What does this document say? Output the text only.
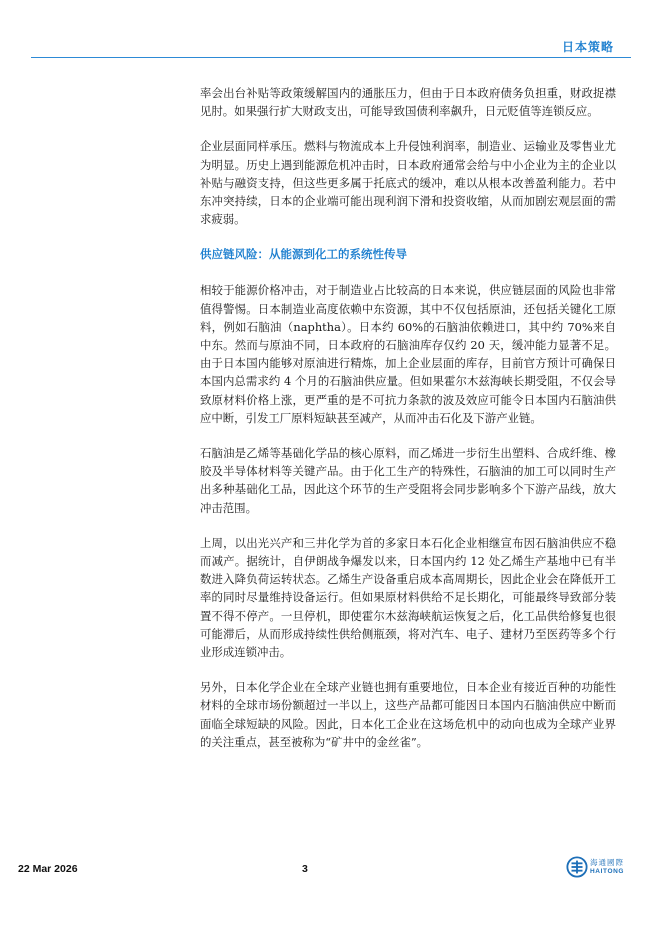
日本策略

率会出台补贴等政策缓解国内的通胀压力，但由于日本政府债务负担重，财政捉襟见肘。如果强行扩大财政支出，可能导致国债利率飙升，日元贬值等连锁反应。

企业层面同样承压。燃料与物流成本上升侵蚀利润率，制造业、运输业及零售业尤为明显。历史上遇到能源危机冲击时，日本政府通常会给与中小企业为主的企业以补贴与融资支持，但这些更多属于托底式的缓冲，难以从根本改善盈利能力。若中东冲突持续，日本的企业端可能出现利润下滑和投资收缩，从而加剧宏观层面的需求疲弱。

供应链风险：从能源到化工的系统性传导

相较于能源价格冲击，对于制造业占比较高的日本来说，供应链层面的风险也非常值得警惕。日本制造业高度依赖中东资源，其中不仅包括原油，还包括关键化工原料，例如石脑油（naphtha）。日本约 60%的石脑油依赖进口，其中约 70%来自中东。然而与原油不同，日本政府的石脑油库存仅约 20 天，缓冲能力显著不足。由于日本国内能够对原油进行精炼，加上企业层面的库存，目前官方预计可确保日本国内总需求约 4 个月的石脑油供应量。但如果霍尔木兹海峡长期受阻，不仅会导致原材料价格上涨，更严重的是不可抗力条款的波及效应可能令日本国内石脑油供应中断，引发工厂原料短缺甚至减产，从而冲击石化及下游产业链。

石脑油是乙烯等基础化学品的核心原料，而乙烯进一步衍生出塑料、合成纤维、橡胶及半导体材料等关键产品。由于化工生产的特殊性，石脑油的加工可以同时生产出多种基础化工品，因此这个环节的生产受阻将会同步影响多个下游产品线，放大冲击范围。

上周，以出光兴产和三井化学为首的多家日本石化企业相继宣布因石脑油供应不稳而减产。据统计，自伊朗战争爆发以来，日本国内约 12 处乙烯生产基地中已有半数进入降负荷运转状态。乙烯生产设备重启成本高周期长，因此企业会在降低开工率的同时尽量维持设备运行。但如果原材料供给不足长期化，可能最终导致部分装置不得不停产。一旦停机，即使霍尔木兹海峡航运恢复之后，化工品供给修复也很可能滞后，从而形成持续性供给侧瓶颈，将对汽车、电子、建材乃至医药等多个行业形成连锁冲击。

另外，日本化学企业在全球产业链也拥有重要地位，日本企业有接近百种的功能性材料的全球市场份额超过一半以上，这些产品都可能因日本国内石脑油供应中断而面临全球短缺的风险。因此，日本化工企业在这场危机中的动向也成为全球产业界的关注重点，甚至被称为“矿井中的金丝雀”。

22 Mar 2026	3
海通國際
HAITONG
